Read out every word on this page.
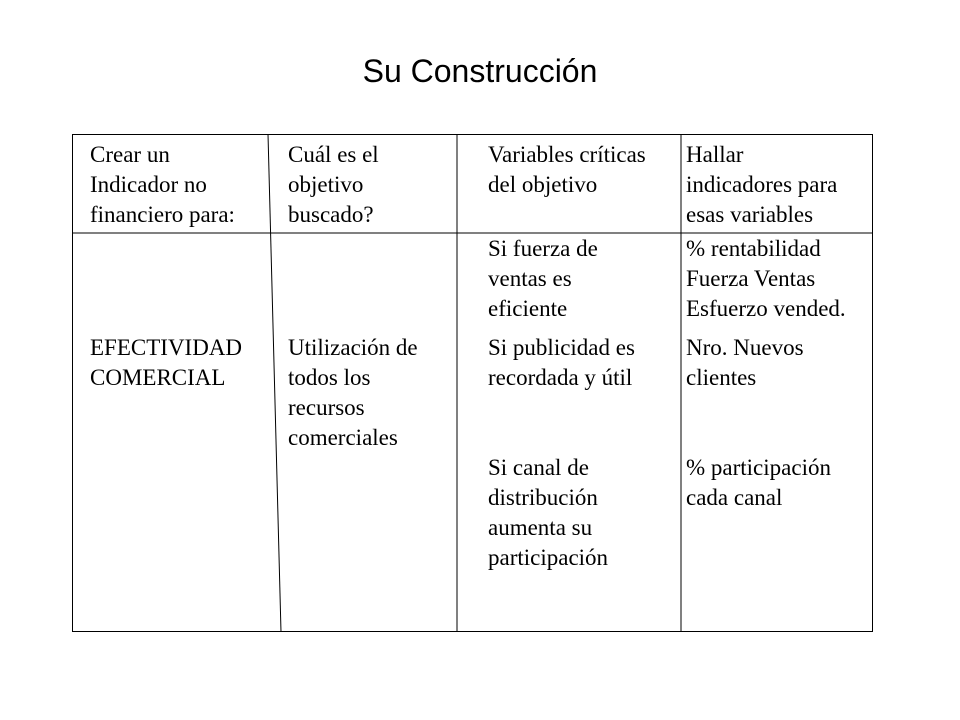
Su Construcción
Crear un
Indicador no
financiero para:
Cuál es el
objetivo
buscado?
Variables críticas
del objetivo
Hallar
indicadores para
esas variables
EFECTIVIDAD
COMERCIAL
Utilización de
todos los
recursos
comerciales
Si fuerza de
ventas es
eficiente
Si publicidad es
recordada y útil
Si canal de
distribución
aumenta su
participación
% rentabilidad
Fuerza Ventas
Esfuerzo vended.
Nro. Nuevos
clientes
% participación
cada canal
